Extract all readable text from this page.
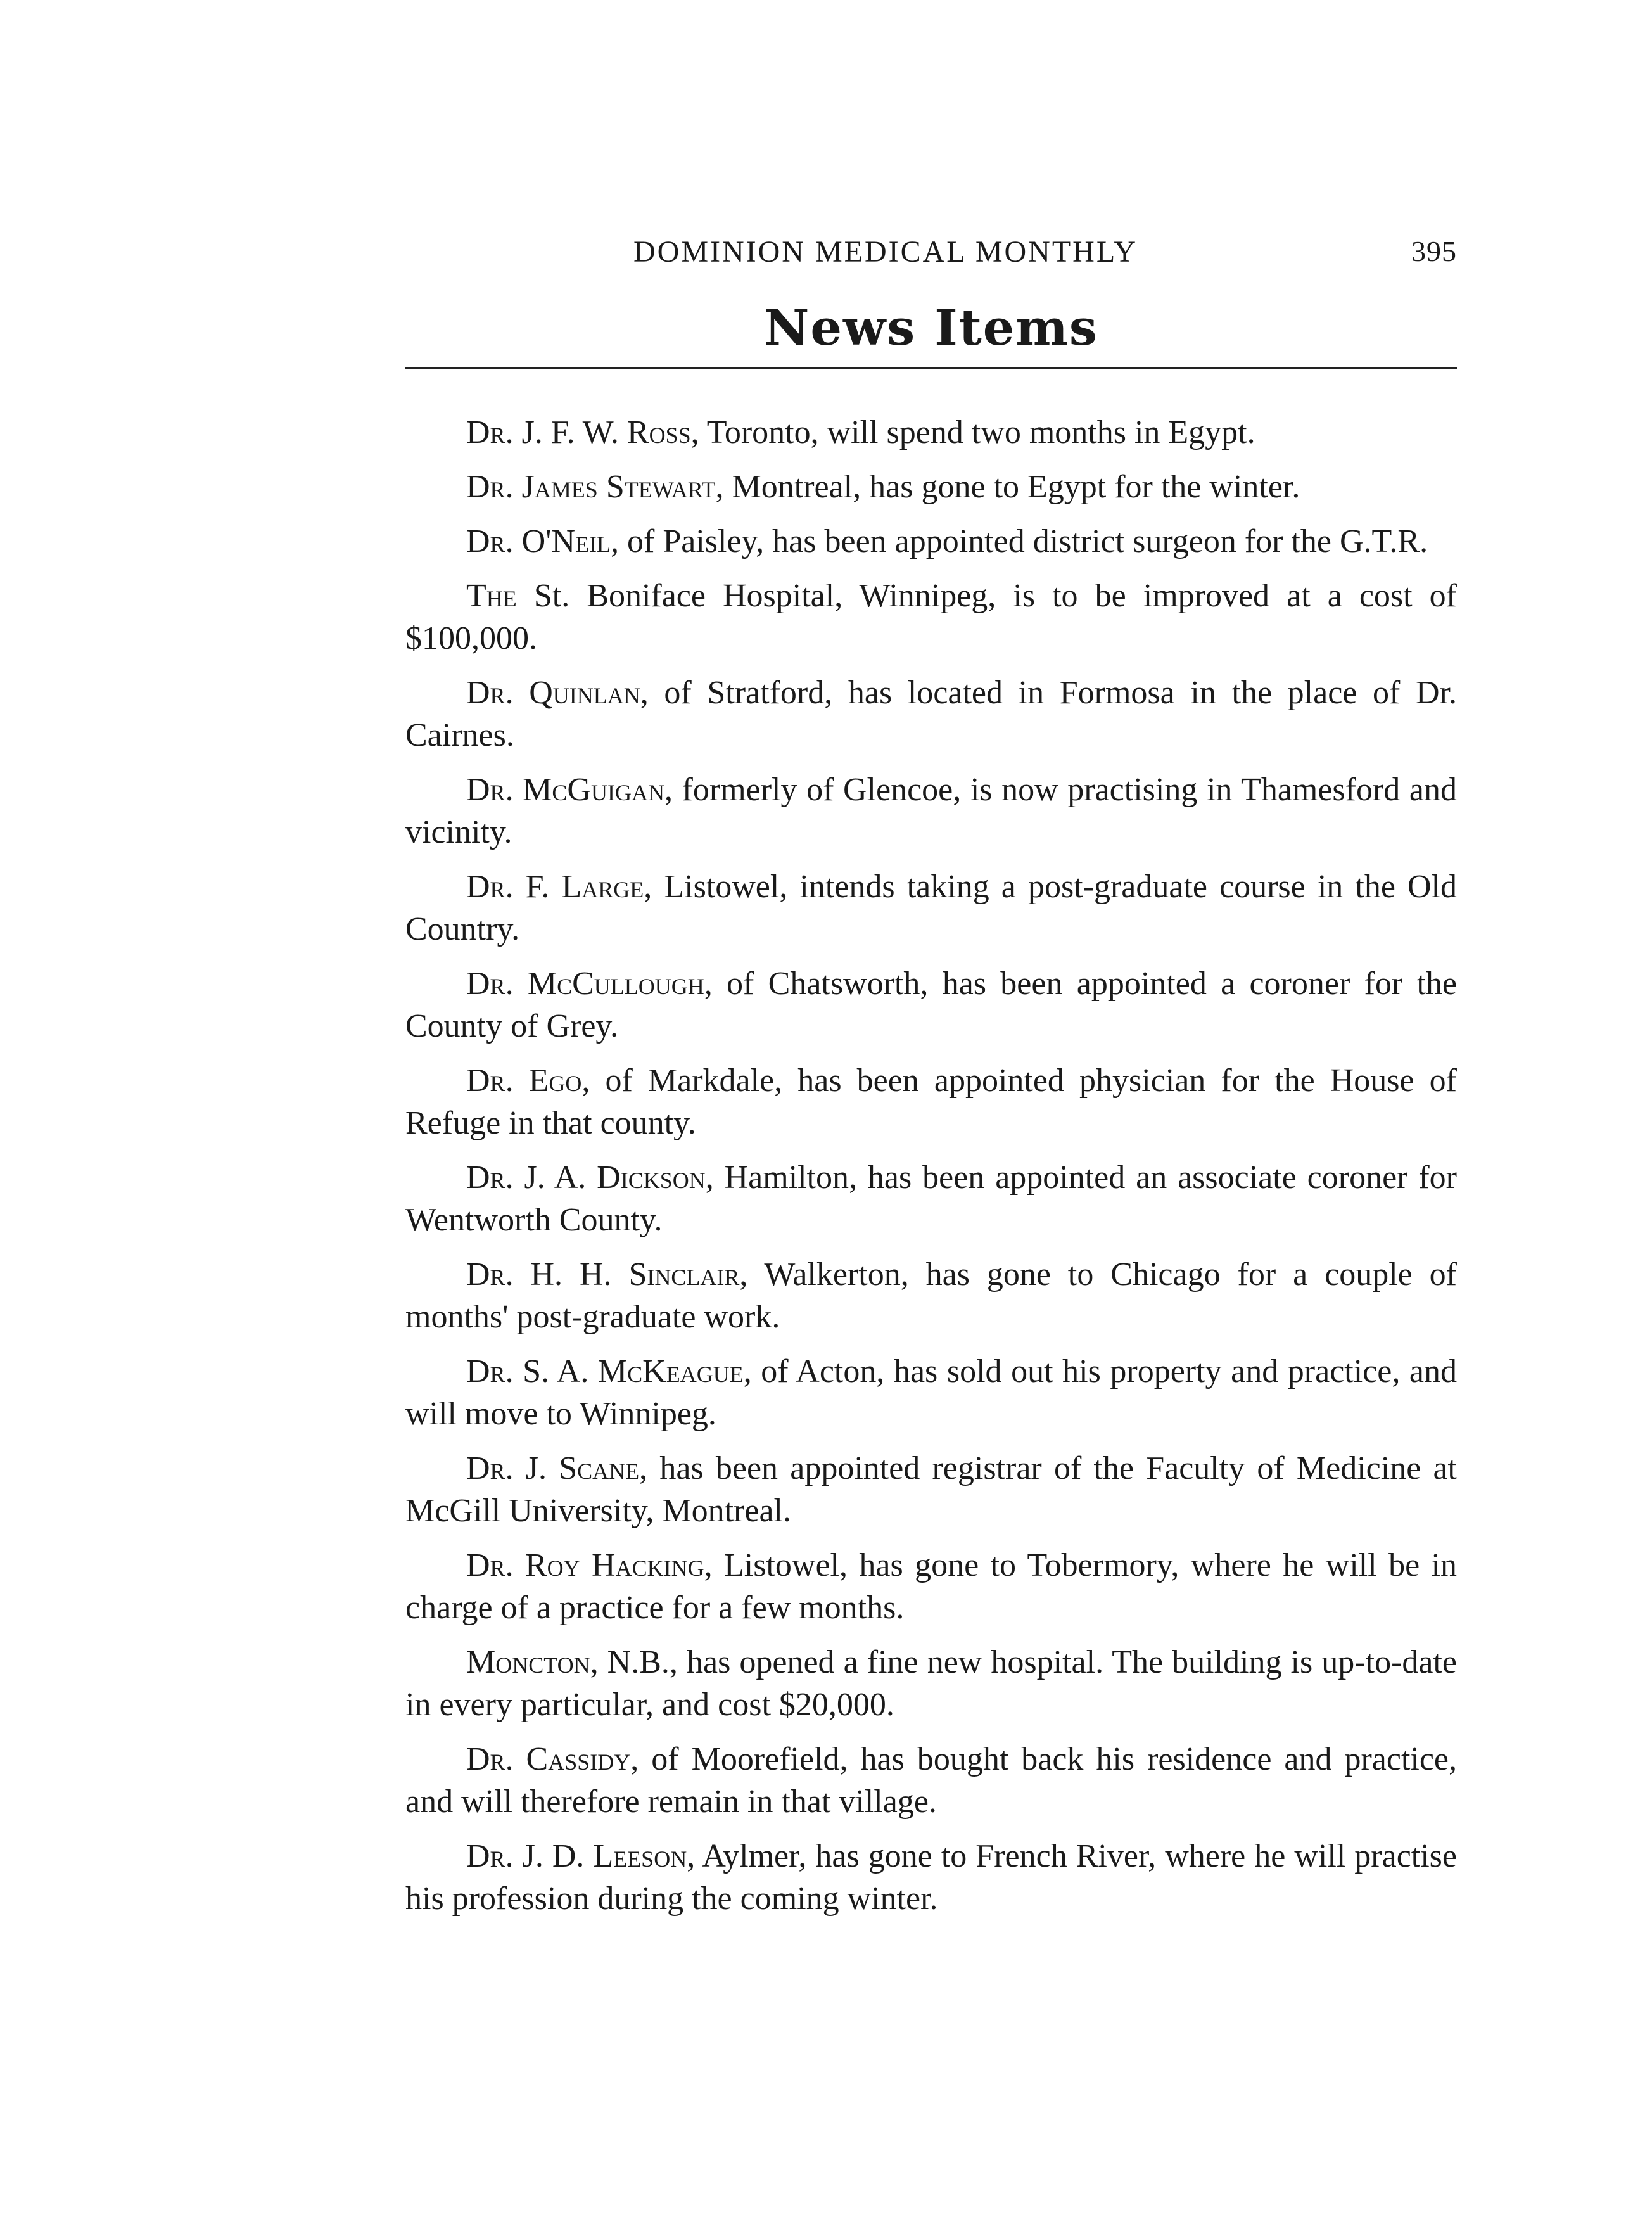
DOMINION MEDICAL MONTHLY	395
News Items

Dr. J. F. W. Ross, Toronto, will spend two months in Egypt.

Dr. James Stewart, Montreal, has gone to Egypt for the winter.

Dr. O'Neil, of Paisley, has been appointed district surgeon for the G.T.R.

The St. Boniface Hospital, Winnipeg, is to be improved at a cost of $100,000.

Dr. Quinlan, of Stratford, has located in Formosa in the place of Dr. Cairnes.

Dr. McGuigan, formerly of Glencoe, is now practising in Thamesford and vicinity.

Dr. F. Large, Listowel, intends taking a post-graduate course in the Old Country.

Dr. McCullough, of Chatsworth, has been appointed a coroner for the County of Grey.

Dr. Ego, of Markdale, has been appointed physician for the House of Refuge in that county.

Dr. J. A. Dickson, Hamilton, has been appointed an associate coroner for Wentworth County.

Dr. H. H. Sinclair, Walkerton, has gone to Chicago for a couple of months' post-graduate work.

Dr. S. A. McKeague, of Acton, has sold out his property and practice, and will move to Winnipeg.

Dr. J. Scane, has been appointed registrar of the Faculty of Medicine at McGill University, Montreal.

Dr. Roy Hacking, Listowel, has gone to Tobermory, where he will be in charge of a practice for a few months.

Moncton, N.B., has opened a fine new hospital. The building is up-to-date in every particular, and cost $20,000.

Dr. Cassidy, of Moorefield, has bought back his residence and practice, and will therefore remain in that village.

Dr. J. D. Leeson, Aylmer, has gone to French River, where he will practise his profession during the coming winter.
